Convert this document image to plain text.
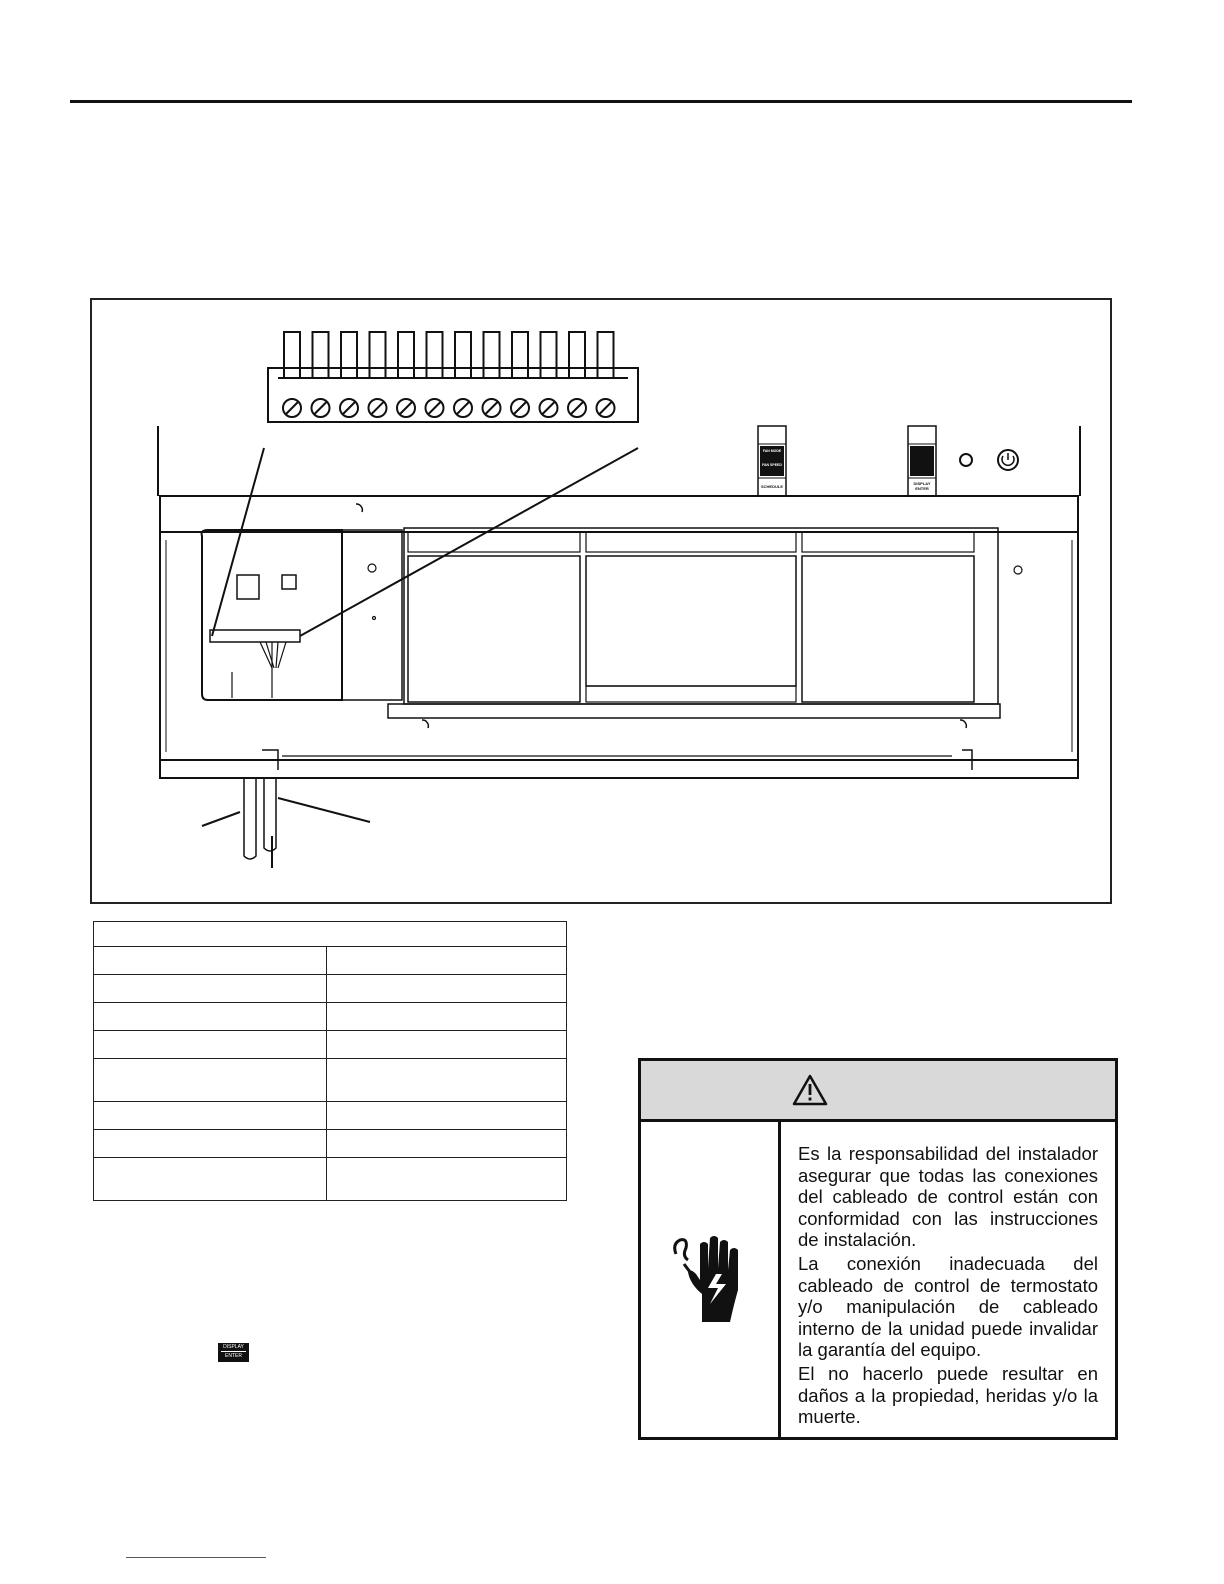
FAN MODE
FAN SPEED
SCHEDULE
DISPLAY
ENTER

DISPLAY
ENTER

Es la responsabilidad del instalador asegurar que todas las conexiones del cableado de control están con conformidad con las instrucciones de instalación.

La conexión inadecuada del cableado de control de termostato y/o manipulación de cableado interno de la unidad puede invalidar la garantía del equipo.

El no hacerlo puede resultar en daños a la propiedad, heridas y/o la muerte.
